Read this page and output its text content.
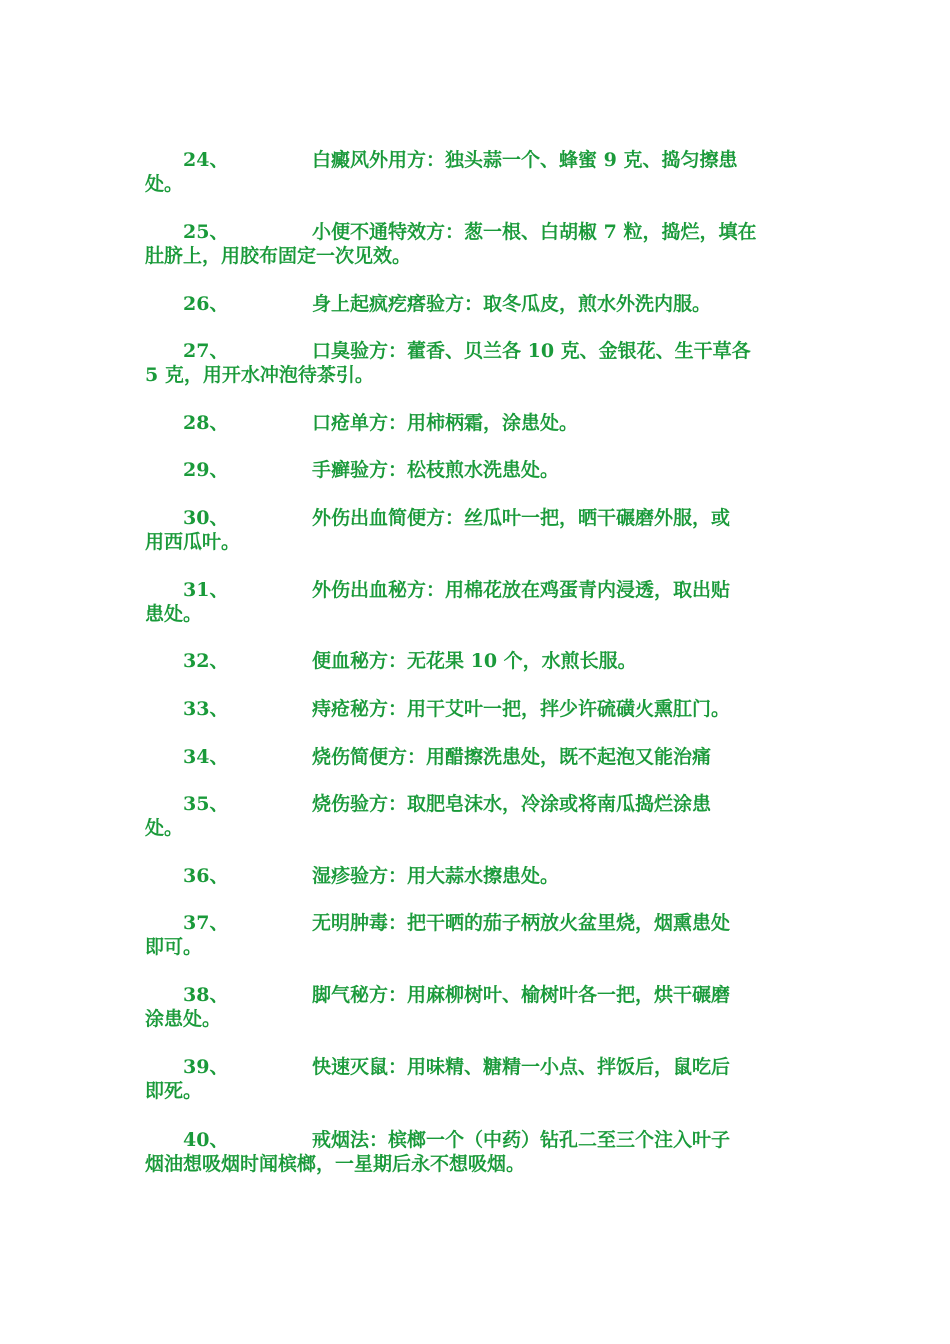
24、	白癜风外用方：独头蒜一个、蜂蜜 9 克、捣匀擦患
处。
25、	小便不通特效方：葱一根、白胡椒 7 粒，捣烂，填在
肚脐上，用胶布固定一次见效。
26、	身上起疯疙瘩验方：取冬瓜皮，煎水外洗内服。
27、	口臭验方：藿香、贝兰各 10 克、金银花、生干草各
5 克，用开水冲泡待茶引。
28、	口疮单方：用柿柄霜，涂患处。
29、	手癣验方：松枝煎水洗患处。
30、	外伤出血简便方：丝瓜叶一把，晒干碾磨外服，或
用西瓜叶。
31、	外伤出血秘方：用棉花放在鸡蛋青内浸透，取出贴
患处。
32、	便血秘方：无花果 10 个，水煎长服。
33、	痔疮秘方：用干艾叶一把，拌少许硫磺火熏肛门。
34、	烧伤简便方：用醋擦洗患处，既不起泡又能治痛
35、	烧伤验方：取肥皂沫水，冷涂或将南瓜捣烂涂患
处。
36、	湿疹验方：用大蒜水擦患处。
37、	无明肿毒：把干晒的茄子柄放火盆里烧，烟熏患处
即可。
38、	脚气秘方：用麻柳树叶、榆树叶各一把，烘干碾磨
涂患处。
39、	快速灭鼠：用味精、糖精一小点、拌饭后，鼠吃后
即死。
40、	戒烟法：槟榔一个（中药）钻孔二至三个注入叶子
烟油想吸烟时闻槟榔，一星期后永不想吸烟。
